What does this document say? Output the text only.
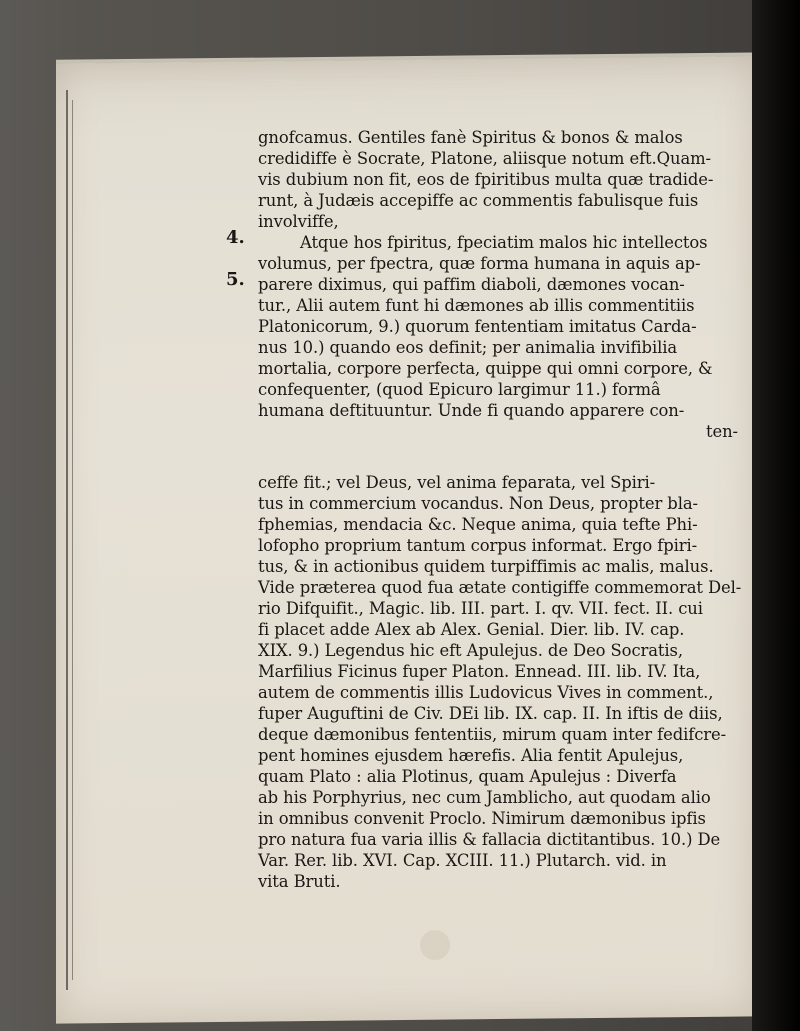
4.
5.
gnofcamus. Gentiles fanè Spiritus & bonos & malos
credidiffe è Socrate, Platone, aliisque notum eft.Quam-
vis dubium non fit, eos de fpiritibus multa quæ tradide-
runt, à Judæis accepiffe ac commentis fabulisque fuis
involviffe,
Atque hos fpiritus, fpeciatim malos hic intellectos
volumus, per fpectra, quæ forma humana in aquis ap-
parere diximus, qui paffim diaboli, dæmones vocan-
tur., Alii autem funt hi dæmones ab illis commentitiis
Platonicorum, 9.) quorum fententiam imitatus Carda-
nus 10.) quando eos definit; per animalia invifibilia
mortalia, corpore perfecta, quippe qui omni corpore, &
confequenter, (quod Epicuro largimur 11.) formâ
humana deftituuntur. Unde fi quando apparere con-
ten-
ceffe fit.; vel Deus, vel anima feparata, vel Spiri-
tus in commercium vocandus. Non Deus, propter bla-
fphemias, mendacia &c. Neque anima, quia tefte Phi-
lofopho proprium tantum corpus informat. Ergo fpiri-
tus, & in actionibus quidem turpiffimis ac malis, malus.
Vide præterea quod fua ætate contigiffe commemorat Del-
rio Difquifit., Magic. lib. III. part. I. qv. VII. fect. II. cui
fi placet adde Alex ab Alex. Genial. Dier. lib. IV. cap.
XIX. 9.) Legendus hic eft Apulejus. de Deo Socratis,
Marfilius Ficinus fuper Platon. Ennead. III. lib. IV. Ita,
autem de commentis illis Ludovicus Vives in comment.,
fuper Auguftini de Civ. DEi lib. IX. cap. II. In iftis de diis,
deque dæmonibus fententiis, mirum quam inter fedifcre-
pent homines ejusdem hærefis. Alia fentit Apulejus,
quam Plato : alia Plotinus, quam Apulejus : Diverfa
ab his Porphyrius, nec cum Jamblicho, aut quodam alio
in omnibus convenit Proclo. Nimirum dæmonibus ipfis
pro natura fua varia illis & fallacia dictitantibus. 10.) De
Var. Rer. lib. XVI. Cap. XCIII. 11.) Plutarch. vid. in
vita Bruti.
